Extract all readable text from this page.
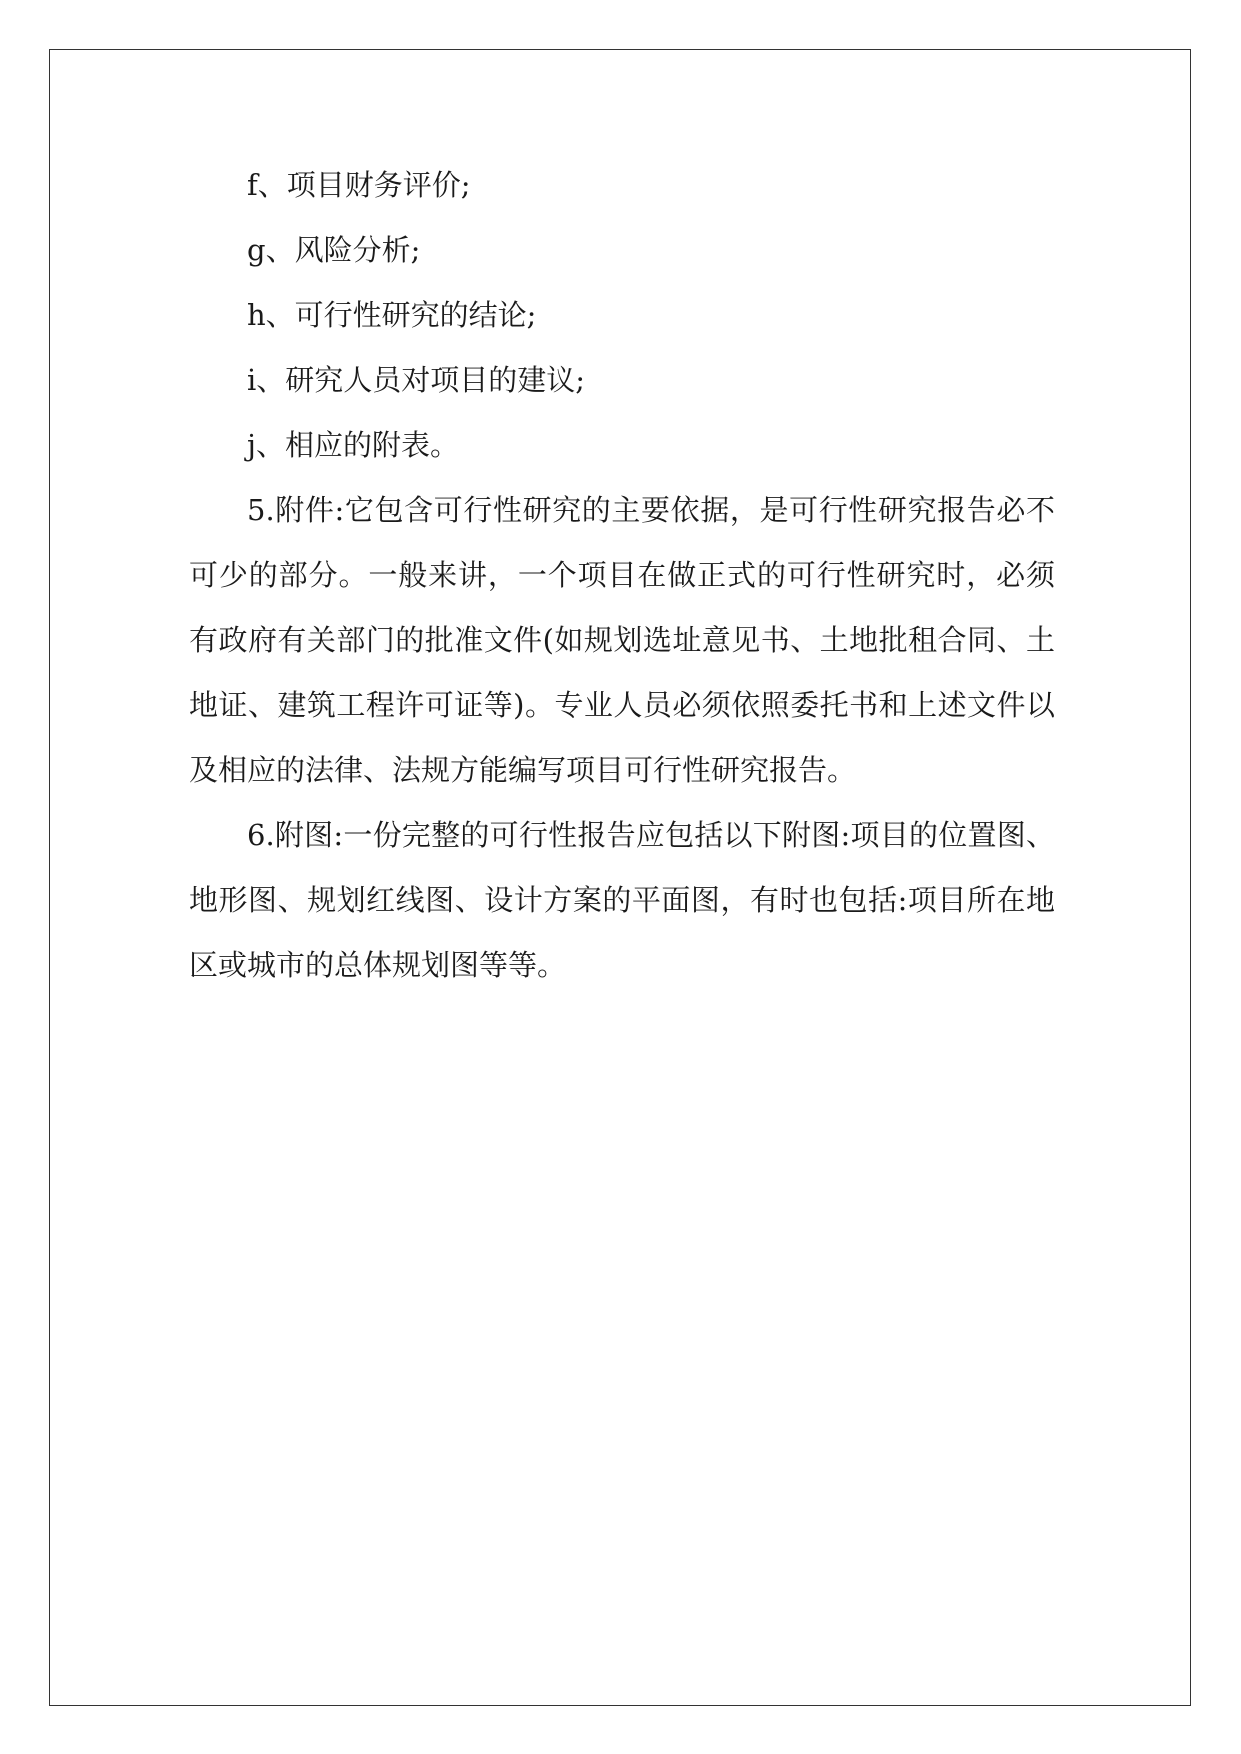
f、项目财务评价;
g、风险分析;
h、可行性研究的结论;
i、研究人员对项目的建议;
j、相应的附表。

5.附件:它包含可行性研究的主要依据，是可行性研究报告必不可少的部分。一般来讲，一个项目在做正式的可行性研究时，必须有政府有关部门的批准文件(如规划选址意见书、土地批租合同、土地证、建筑工程许可证等)。专业人员必须依照委托书和上述文件以及相应的法律、法规方能编写项目可行性研究报告。

6.附图:一份完整的可行性报告应包括以下附图:项目的位置图、地形图、规划红线图、设计方案的平面图，有时也包括:项目所在地区或城市的总体规划图等等。
